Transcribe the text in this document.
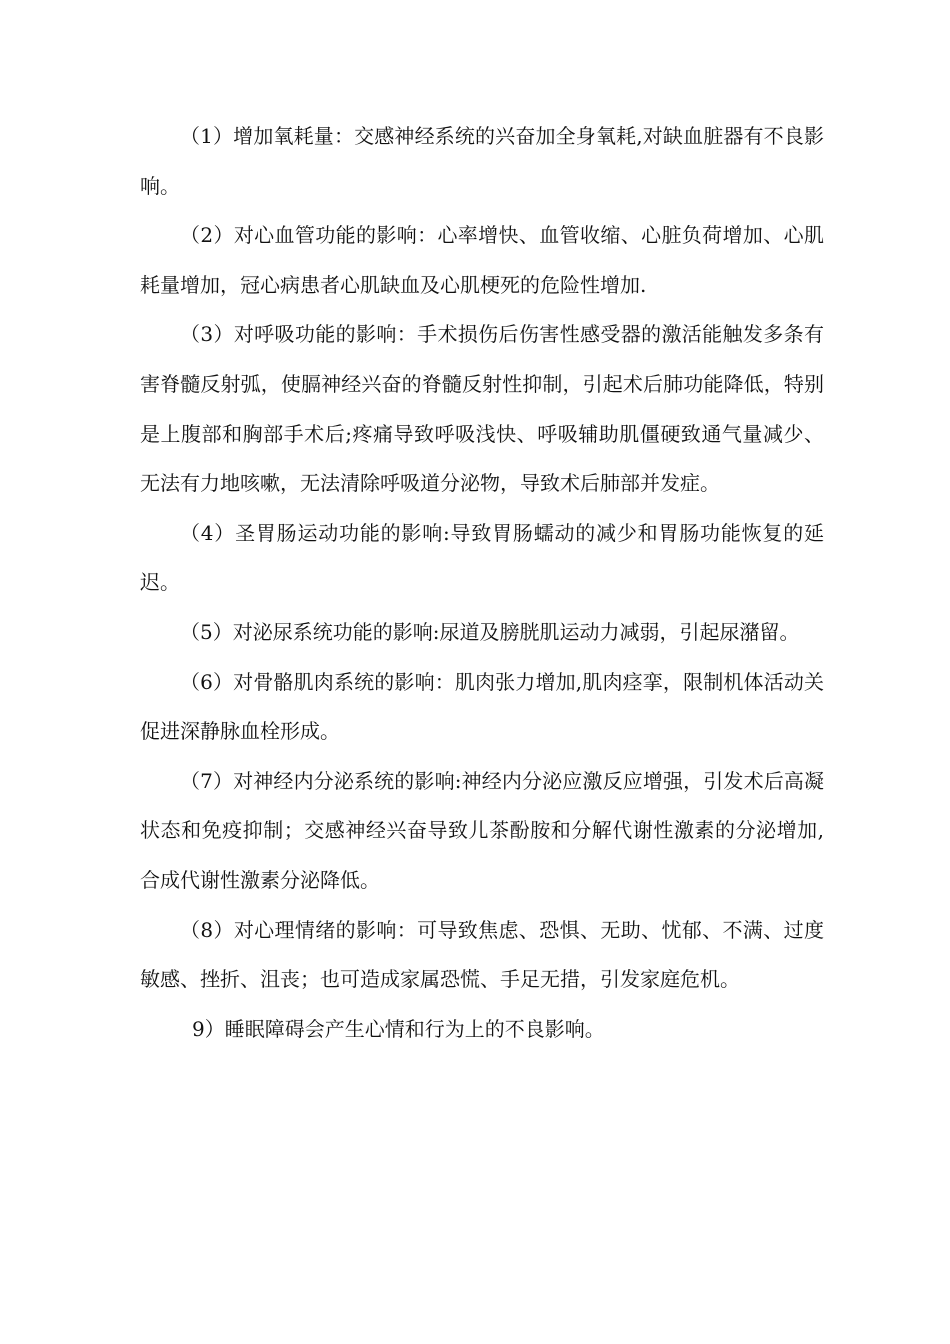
（1）增加氧耗量：交感神经系统的兴奋加全身氧耗,对缺血脏器有不良影响。

（2）对心血管功能的影响：心率增快、血管收缩、心脏负荷增加、心肌耗量增加，冠心病患者心肌缺血及心肌梗死的危险性增加.

（3）对呼吸功能的影响：手术损伤后伤害性感受器的激活能触发多条有害脊髓反射弧，使膈神经兴奋的脊髓反射性抑制，引起术后肺功能降低，特别是上腹部和胸部手术后;疼痛导致呼吸浅快、呼吸辅助肌僵硬致通气量减少、无法有力地咳嗽，无法清除呼吸道分泌物，导致术后肺部并发症。

（4）圣胃肠运动功能的影响:导致胃肠蠕动的减少和胃肠功能恢复的延迟。

（5）对泌尿系统功能的影响:尿道及膀胱肌运动力减弱，引起尿潴留。

（6）对骨骼肌肉系统的影响：肌肉张力增加,肌肉痉挛，限制机体活动关促进深静脉血栓形成。

（7）对神经内分泌系统的影响:神经内分泌应激反应增强，引发术后高凝状态和免疫抑制；交感神经兴奋导致儿茶酚胺和分解代谢性激素的分泌增加,合成代谢性激素分泌降低。

（8）对心理情绪的影响：可导致焦虑、恐惧、无助、忧郁、不满、过度敏感、挫折、沮丧；也可造成家属恐慌、手足无措，引发家庭危机。

9）睡眠障碍会产生心情和行为上的不良影响。
